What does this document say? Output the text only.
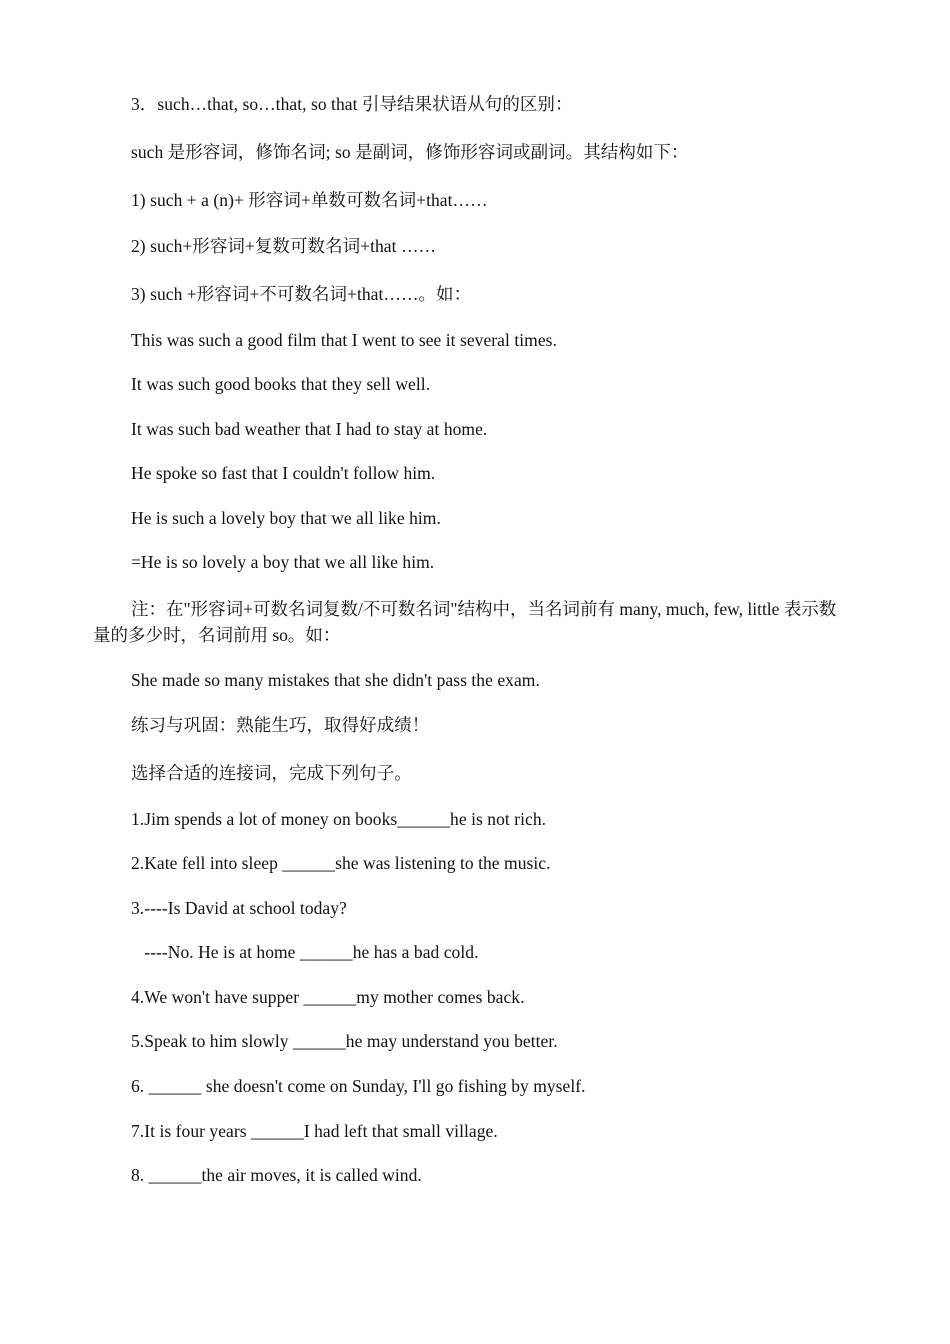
3．such…that, so…that, so that 引导结果状语从句的区别：
such 是形容词，修饰名词; so 是副词，修饰形容词或副词。其结构如下：
1) such + a (n)+ 形容词+单数可数名词+that……
2) such+形容词+复数可数名词+that ……
3) such +形容词+不可数名词+that……。如：
This was such a good film that I went to see it several times.
It was such good books that they sell well.
It was such bad weather that I had to stay at home.
He spoke so fast that I couldn't follow him.
He is such a lovely boy that we all like him.
=He is so lovely a boy that we all like him.
注：在"形容词+可数名词复数/不可数名词"结构中，当名词前有 many, much, few, little 表示数量的多少时，名词前用 so。如：
She made so many mistakes that she didn't pass the exam.
练习与巩固：熟能生巧，取得好成绩！
选择合适的连接词，完成下列句子。
1.Jim spends a lot of money on books______he is not rich.
2.Kate fell into sleep ______she was listening to the music.
3.----Is David at school today?
----No. He is at home ______he has a bad cold.
4.We won't have supper ______my mother comes back.
5.Speak to him slowly ______he may understand you better.
6. ______ she doesn't come on Sunday, I'll go fishing by myself.
7.It is four years ______I had left that small village.
8. ______the air moves, it is called wind.
